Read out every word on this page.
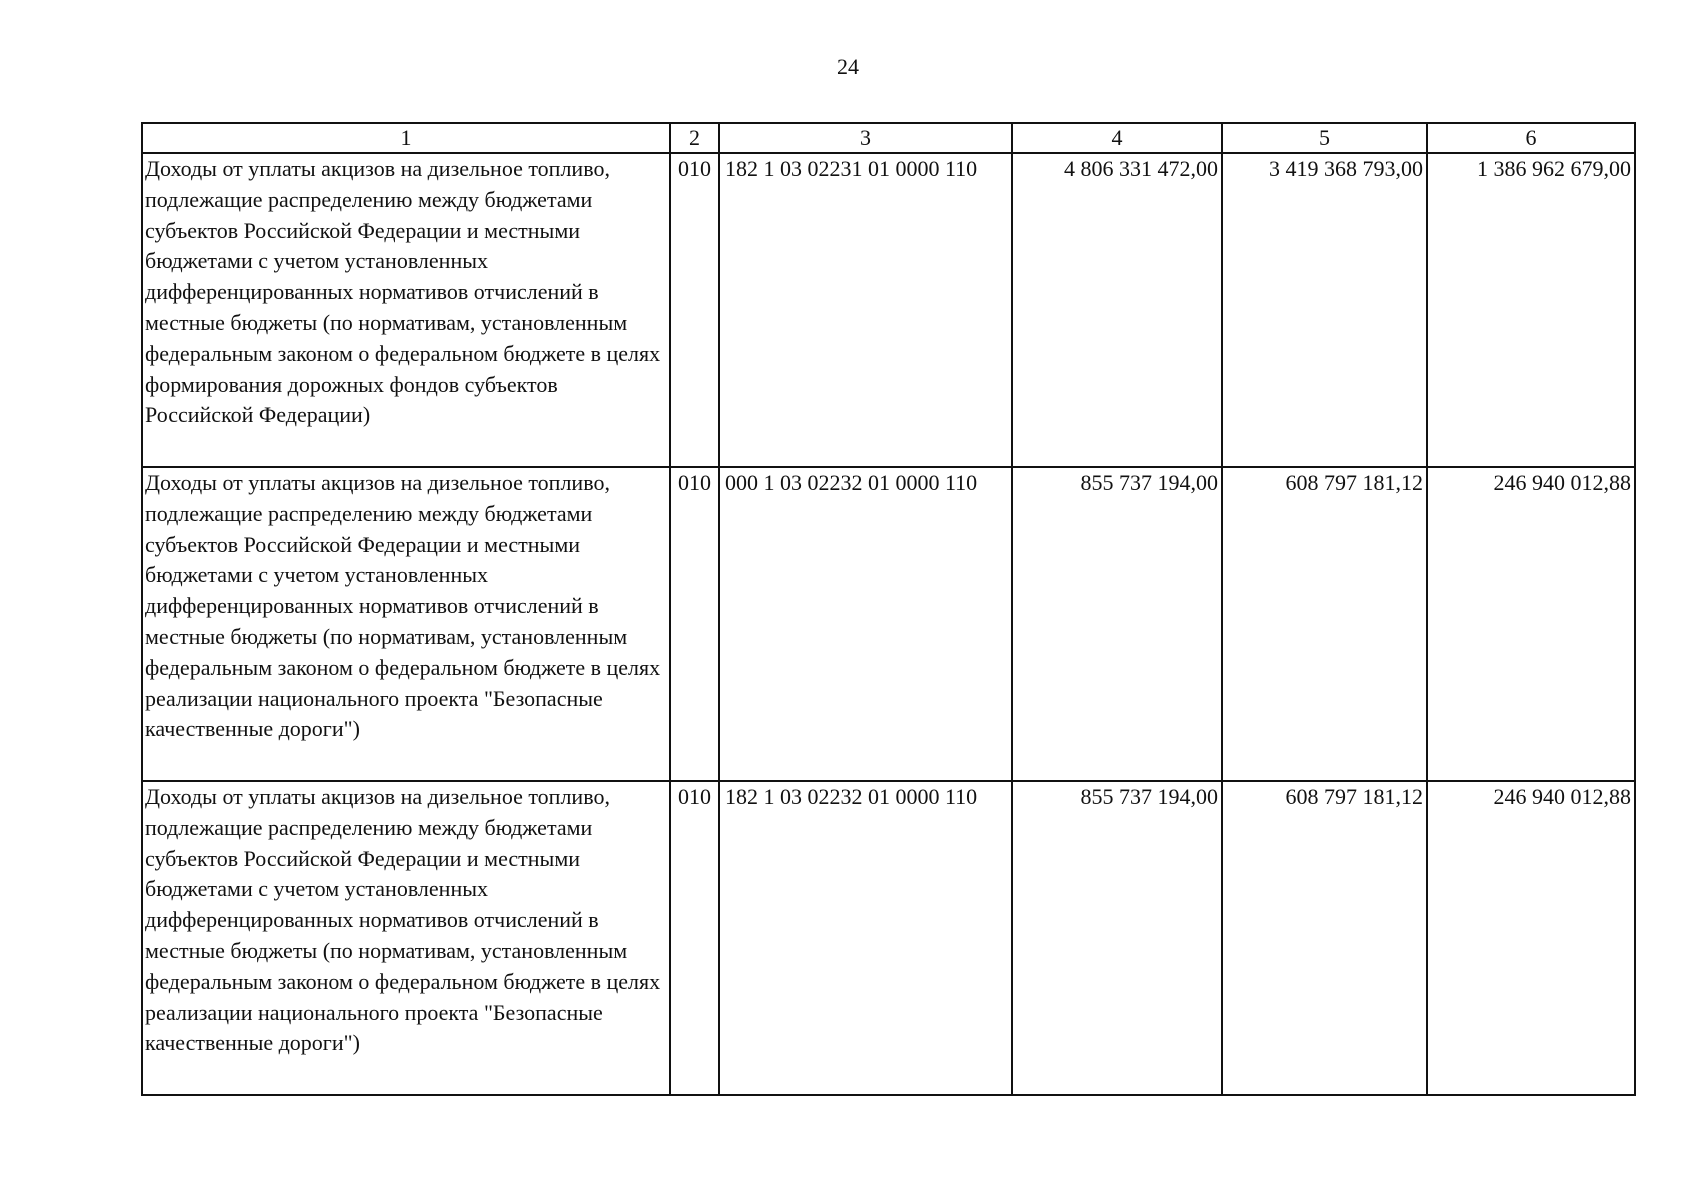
24
1	2	3	4	5	6
Доходы от уплаты акцизов на дизельное топливо, подлежащие распределению между бюджетами субъектов Российской Федерации и местными бюджетами с учетом установленных дифференцированных нормативов отчислений в местные бюджеты (по нормативам, установленным федеральным законом о федеральном бюджете в целях формирования дорожных фондов субъектов Российской Федерации)	010	182 1 03 02231 01 0000 110	4 806 331 472,00	3 419 368 793,00	1 386 962 679,00
Доходы от уплаты акцизов на дизельное топливо, подлежащие распределению между бюджетами субъектов Российской Федерации и местными бюджетами с учетом установленных дифференцированных нормативов отчислений в местные бюджеты (по нормативам, установленным федеральным законом о федеральном бюджете в целях реализации национального проекта "Безопасные качественные дороги")	010	000 1 03 02232 01 0000 110	855 737 194,00	608 797 181,12	246 940 012,88
Доходы от уплаты акцизов на дизельное топливо, подлежащие распределению между бюджетами субъектов Российской Федерации и местными бюджетами с учетом установленных дифференцированных нормативов отчислений в местные бюджеты (по нормативам, установленным федеральным законом о федеральном бюджете в целях реализации национального проекта "Безопасные качественные дороги")	010	182 1 03 02232 01 0000 110	855 737 194,00	608 797 181,12	246 940 012,88
